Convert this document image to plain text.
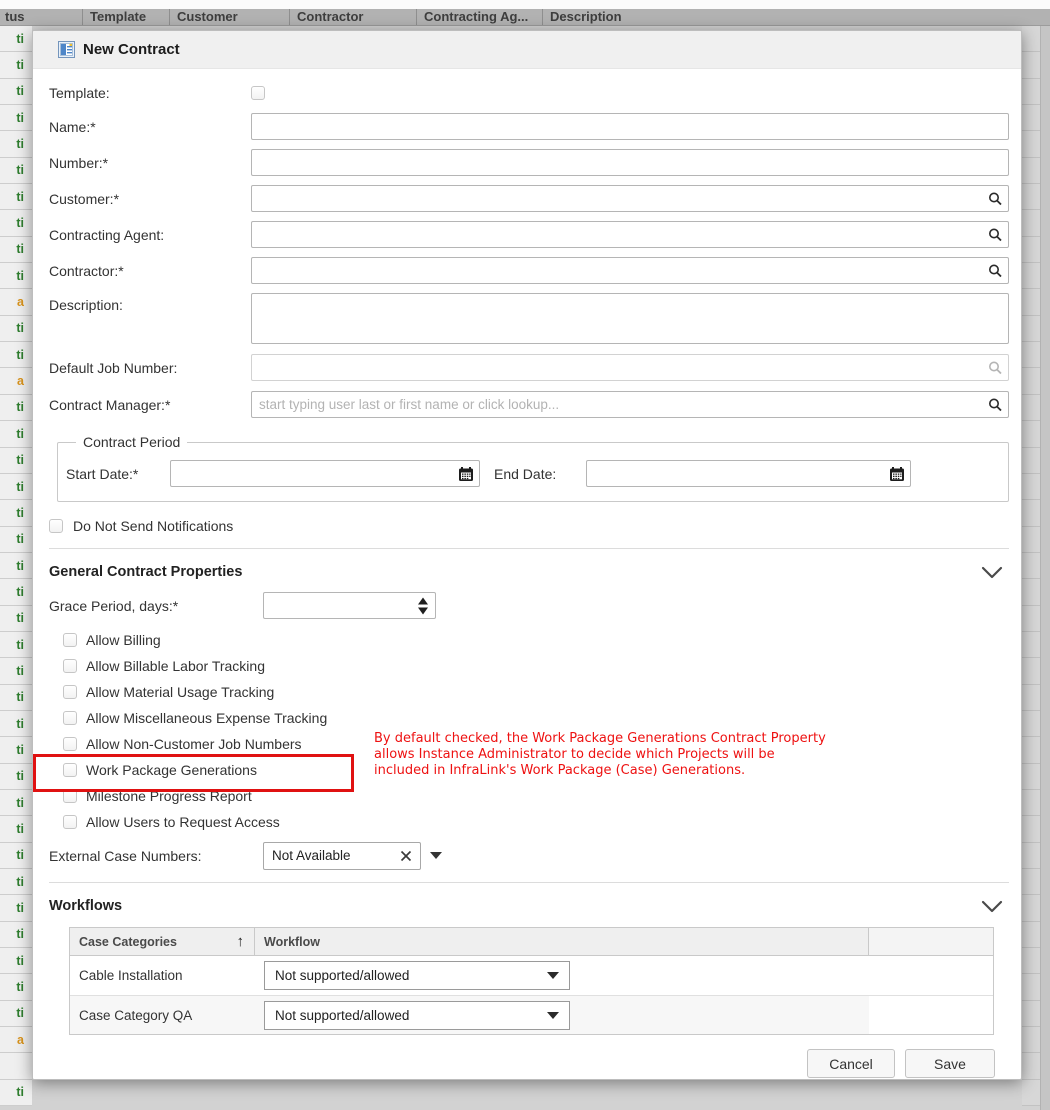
tus	Template	Customer	Contractor	Contracting Ag...	Description
ti
ti
ti
ti
ti
ti
ti
ti
ti
ti
a
ti
ti
a
ti
ti
ti
ti
ti
ti
ti
ti
ti
ti
ti
ti
ti
ti
ti
ti
ti
ti
ti
ti
ti
ti
ti
ti
a
ti
New Contract
Template:
Name:*
Number:*
Customer:*
Contracting Agent:
Contractor:*
Description:
Default Job Number:
Contract Manager:*
start typing user last or first name or click lookup...
Contract Period
Start Date:*	End Date:
Do Not Send Notifications
General Contract Properties
Grace Period, days:*
Allow Billing
Allow Billable Labor Tracking
Allow Material Usage Tracking
Allow Miscellaneous Expense Tracking
Allow Non-Customer Job Numbers
Work Package Generations
Milestone Progress Report
Allow Users to Request Access
By default checked, the Work Package Generations Contract Property
allows Instance Administrator to decide which Projects will be
included in InfraLink's Work Package (Case) Generations.
External Case Numbers:	Not Available
Workflows
Case Categories	↑ Workflow
Cable Installation	Not supported/allowed
Case Category QA	Not supported/allowed
Cancel	Save
